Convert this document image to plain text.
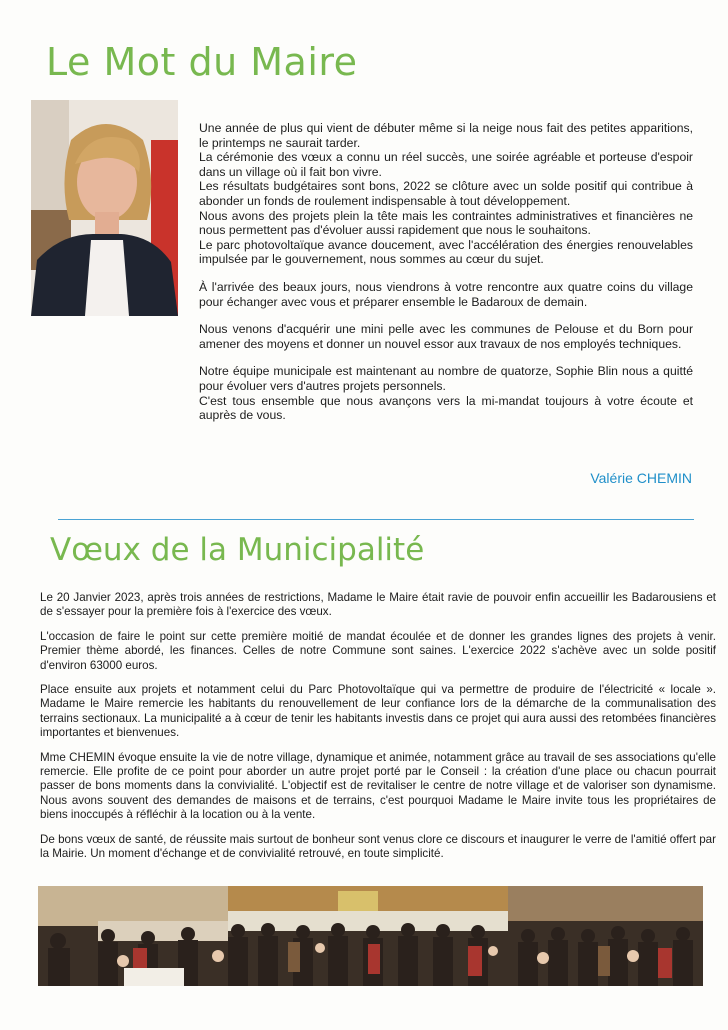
Le Mot du Maire

Une année de plus qui vient de débuter même si la neige nous fait des petites apparitions, le printemps ne saurait tarder.
La cérémonie des vœux a connu un réel succès, une soirée agréable et porteuse d'espoir dans un village où il fait bon vivre.
Les résultats budgétaires sont bons, 2022 se clôture avec un solde positif qui contribue à abonder un fonds de roulement indispensable à tout développement.
Nous avons des projets plein la tête mais les contraintes administratives et financières ne nous permettent pas d'évoluer aussi rapidement que nous le souhaitons.
Le parc photovoltaïque avance doucement, avec l'accélération des énergies renouvelables impulsée par le gouvernement, nous sommes au cœur du sujet.

À l'arrivée des beaux jours, nous viendrons à votre rencontre aux quatre coins du village pour échanger avec vous et préparer ensemble le Badaroux de demain.

Nous venons d'acquérir une mini pelle avec les communes de Pelouse et du Born pour amener des moyens et donner un nouvel essor aux travaux de nos employés techniques.

Notre équipe municipale est maintenant au nombre de quatorze, Sophie Blin nous a quitté pour évoluer vers d'autres projets personnels.
C'est tous ensemble que nous avançons vers la mi-mandat toujours à votre écoute et auprès de vous.

Valérie CHEMIN
Vœux de la Municipalité

Le 20 Janvier 2023, après trois années de restrictions, Madame le Maire était ravie de pouvoir enfin accueillir les Badarousiens et de s'essayer pour la première fois à l'exercice des vœux.

L'occasion de faire le point sur cette première moitié de mandat écoulée et de donner les grandes lignes des projets à venir. Premier thème abordé, les finances. Celles de notre Commune sont saines. L'exercice 2022 s'achève avec un solde positif d'environ 63000 euros.

Place ensuite aux projets et notamment celui du Parc Photovoltaïque qui va permettre de produire de l'électricité « locale ». Madame le Maire remercie les habitants du renouvellement de leur confiance lors de la démarche de la communalisation des terrains sectionaux. La municipalité a à cœur de tenir les habitants investis dans ce projet qui aura aussi des retombées financières importantes et bienvenues.

Mme CHEMIN évoque ensuite la vie de notre village, dynamique et animée, notamment grâce au travail de ses associations qu'elle remercie. Elle profite de ce point pour aborder un autre projet porté par le Conseil : la création d'une place ou chacun pourrait passer de bons moments dans la convivialité. L'objectif est de revitaliser le centre de notre village et de valoriser son dynamisme. Nous avons souvent des demandes de maisons et de terrains, c'est pourquoi Madame le Maire invite tous les propriétaires de biens inoccupés à réfléchir à la location ou à la vente.

De bons vœux de santé, de réussite mais surtout de bonheur sont venus clore ce discours et inaugurer le verre de l'amitié offert par la Mairie. Un moment d'échange et de convivialité retrouvé, en toute simplicité.
